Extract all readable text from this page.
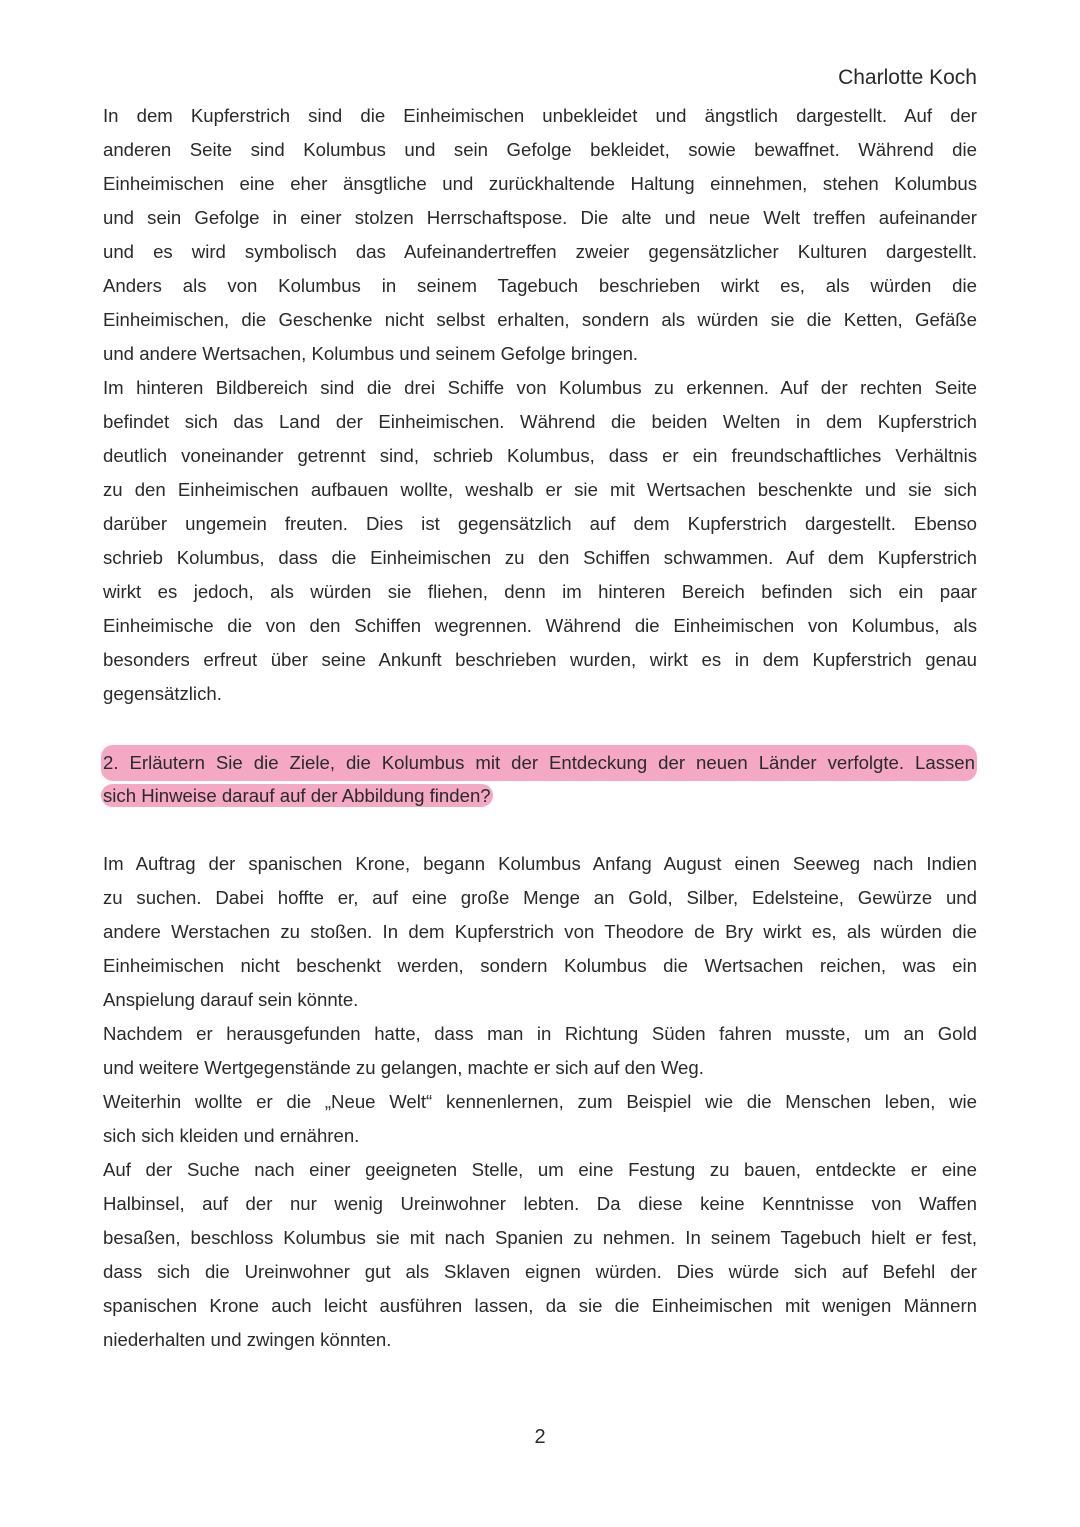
Charlotte Koch
In dem Kupferstrich sind die Einheimischen unbekleidet und ängstlich dargestellt. Auf der
anderen Seite sind Kolumbus und sein Gefolge bekleidet, sowie bewaffnet. Während die
Einheimischen eine eher änsgtliche und zurückhaltende Haltung einnehmen, stehen Kolumbus
und sein Gefolge in einer stolzen Herrschaftspose. Die alte und neue Welt treffen aufeinander
und es wird symbolisch das Aufeinandertreffen zweier gegensätzlicher Kulturen dargestellt.
Anders als von Kolumbus in seinem Tagebuch beschrieben wirkt es, als würden die
Einheimischen, die Geschenke nicht selbst erhalten, sondern als würden sie die Ketten, Gefäße
und andere Wertsachen, Kolumbus und seinem Gefolge bringen.
Im hinteren Bildbereich sind die drei Schiffe von Kolumbus zu erkennen. Auf der rechten Seite
befindet sich das Land der Einheimischen. Während die beiden Welten in dem Kupferstrich
deutlich voneinander getrennt sind, schrieb Kolumbus, dass er ein freundschaftliches Verhältnis
zu den Einheimischen aufbauen wollte, weshalb er sie mit Wertsachen beschenkte und sie sich
darüber ungemein freuten. Dies ist gegensätzlich auf dem Kupferstrich dargestellt. Ebenso
schrieb Kolumbus, dass die Einheimischen zu den Schiffen schwammen. Auf dem Kupferstrich
wirkt es jedoch, als würden sie fliehen, denn im hinteren Bereich befinden sich ein paar
Einheimische die von den Schiffen wegrennen. Während die Einheimischen von Kolumbus, als
besonders erfreut über seine Ankunft beschrieben wurden, wirkt es in dem Kupferstrich genau
gegensätzlich.
2. Erläutern Sie die Ziele, die Kolumbus mit der Entdeckung der neuen Länder verfolgte. Lassen
sich Hinweise darauf auf der Abbildung finden?
Im Auftrag der spanischen Krone, begann Kolumbus Anfang August einen Seeweg nach Indien
zu suchen. Dabei hoffte er, auf eine große Menge an Gold, Silber, Edelsteine, Gewürze und
andere Werstachen zu stoßen. In dem Kupferstrich von Theodore de Bry wirkt es, als würden die
Einheimischen nicht beschenkt werden, sondern Kolumbus die Wertsachen reichen, was ein
Anspielung darauf sein könnte.
Nachdem er herausgefunden hatte, dass man in Richtung Süden fahren musste, um an Gold
und weitere Wertgegenstände zu gelangen, machte er sich auf den Weg.
Weiterhin wollte er die „Neue Welt“ kennenlernen, zum Beispiel wie die Menschen leben, wie
sich sich kleiden und ernähren.
Auf der Suche nach einer geeigneten Stelle, um eine Festung zu bauen, entdeckte er eine
Halbinsel, auf der nur wenig Ureinwohner lebten. Da diese keine Kenntnisse von Waffen
besaßen, beschloss Kolumbus sie mit nach Spanien zu nehmen. In seinem Tagebuch hielt er fest,
dass sich die Ureinwohner gut als Sklaven eignen würden. Dies würde sich auf Befehl der
spanischen Krone auch leicht ausführen lassen, da sie die Einheimischen mit wenigen Männern
niederhalten und zwingen könnten.
2
